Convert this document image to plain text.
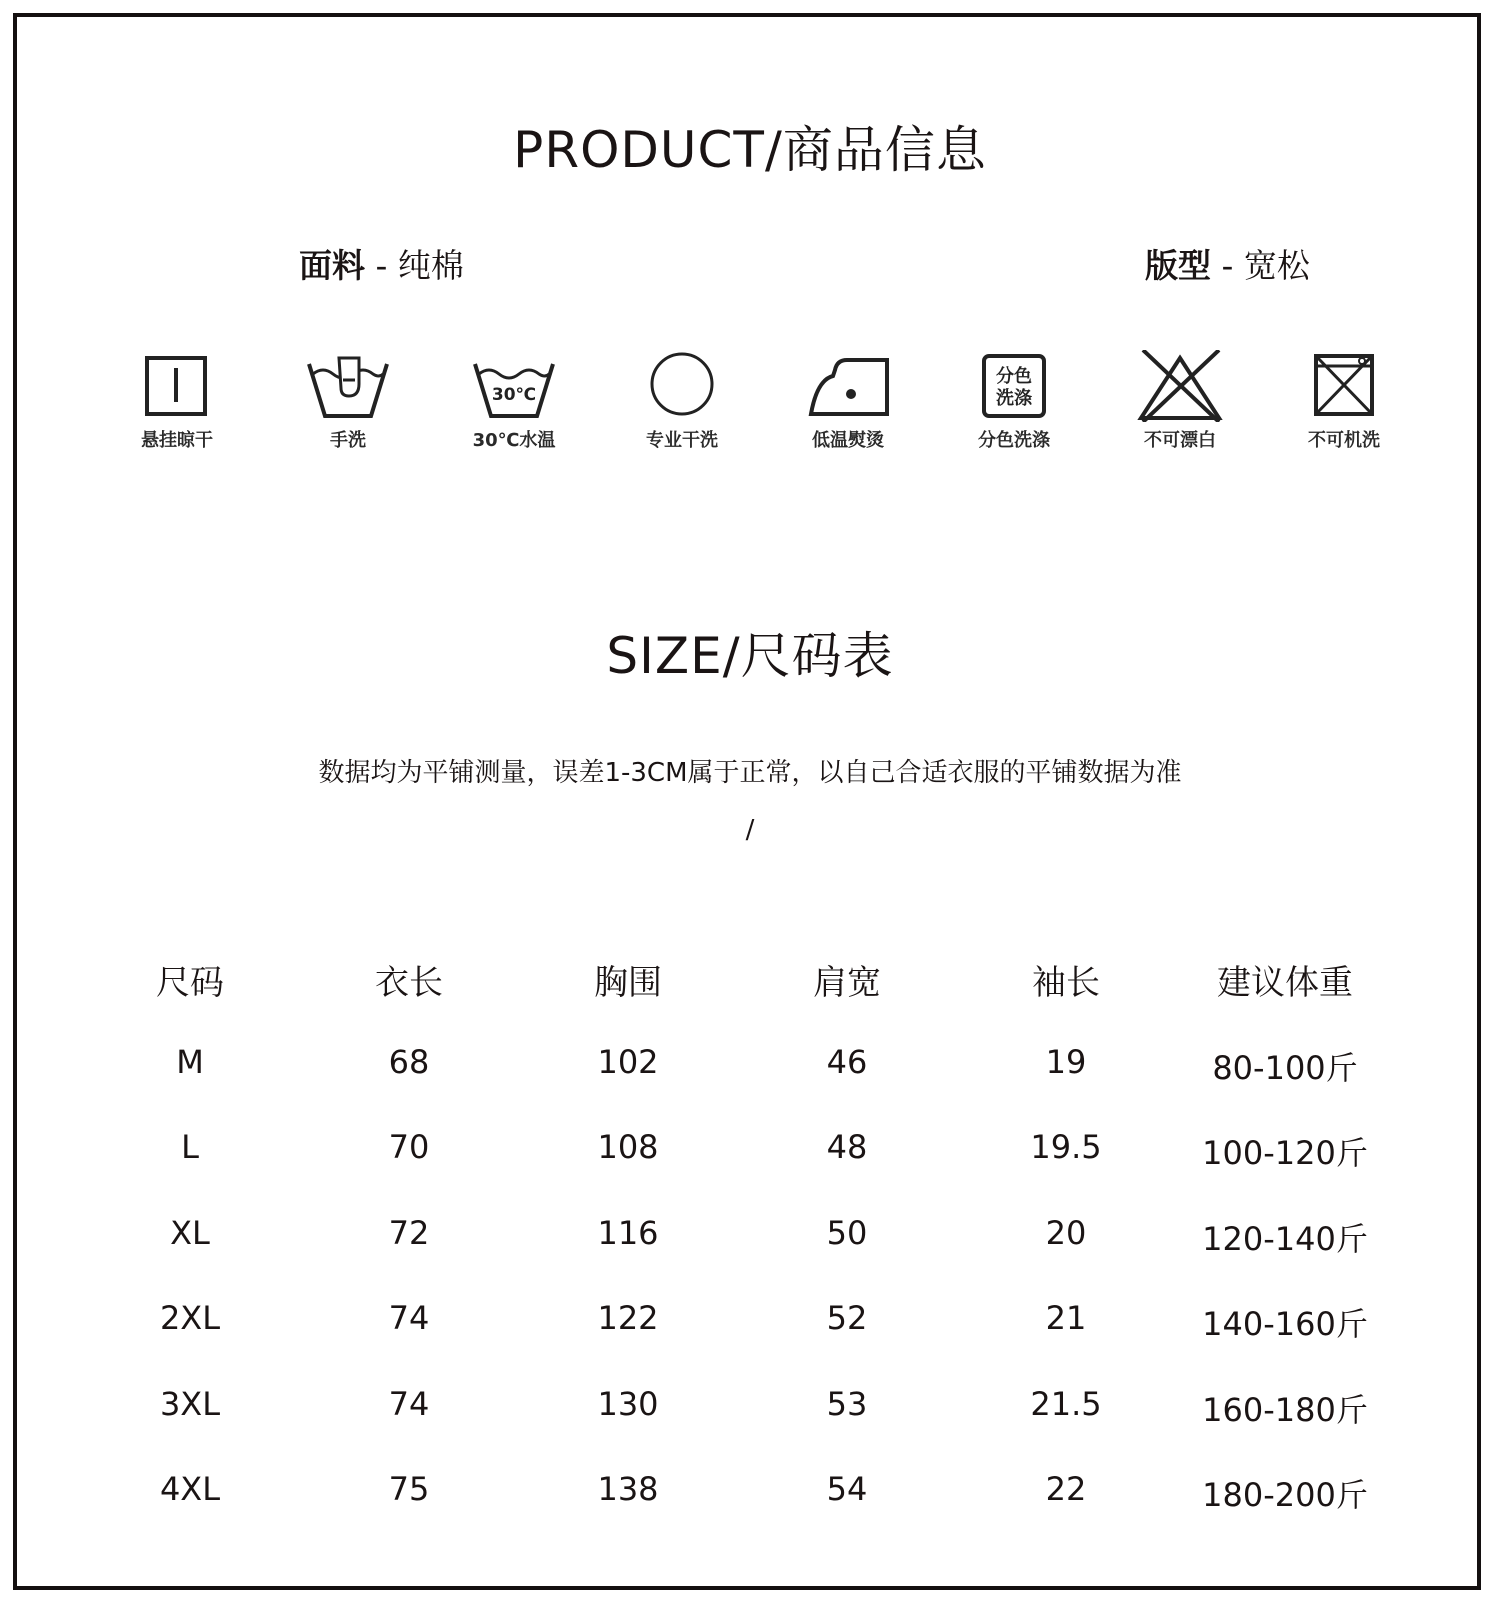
PRODUCT/商品信息
面料 - 纯棉	版型 - 宽松
悬挂晾干	手洗
30℃
30℃水温	专业干洗	低温熨烫
分色
洗涤
分色洗涤	不可漂白	不可机洗
SIZE/尺码表
数据均为平铺测量，误差1-3CM属于正常，以自己合适衣服的平铺数据为准
/
尺码	衣长	胸围	肩宽	袖长	建议体重
M	68	102	46	19	80-100斤
L	70	108	48	19.5	100-120斤
XL	72	116	50	20	120-140斤
2XL	74	122	52	21	140-160斤
3XL	74	130	53	21.5	160-180斤
4XL	75	138	54	22	180-200斤
